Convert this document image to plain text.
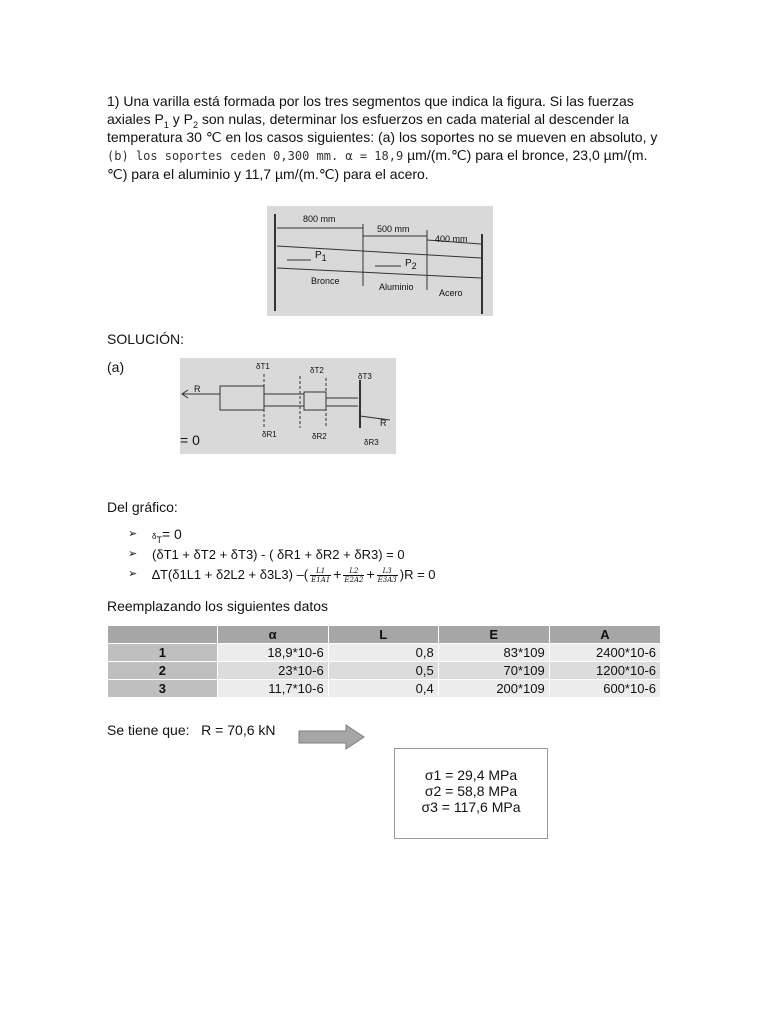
1) Una varilla está formada por los tres segmentos que indica la figura. Si las fuerzas axiales $P_1$ y $P_2$ son nulas, determinar los esfuerzos en cada material al descender la temperatura 30 ℃ en los casos siguientes: (a) los soportes no se mueven en absoluto, y (b) los soportes ceden 0,300 mm. α = 18,9 µm/(m.℃) para el bronce, 23,0 µm/(m.℃) para el aluminio y 11,7 µm/(m.℃) para el acero.
800 mm
500 mm
400 mm
$P_1$	$P_2$
Bronce
Aluminio
Acero
SOLUCIÓN:
(a)
R
R
δT1	δT2
δT3
δR1	δR2
δR3
= 0
Del gráfico:
➢ $\delta_T= 0$
➢ (δT1 + δT2 + δT3) - ( δR1 + δR2 + δR3) = 0
➢ ∆T(δ1L1 + δ2L2 + δ3L3) –( $\frac{L1}{E1A1} + \frac{L2}{E2A2} + \frac{L3}{E3A3} )R = 0$
Reemplazando los siguientes datos
	α	L	E	A
1	18,9*10-6	0,8	83*109	2400*10-6
2	23*10-6	0,5	70*109	1200*10-6
3	11,7*10-6	0,4	200*109	600*10-6
Se tiene que:   R = 70,6 kN
σ1 = 29,4 MPa
σ2 = 58,8 MPa
σ3 = 117,6 MPa
